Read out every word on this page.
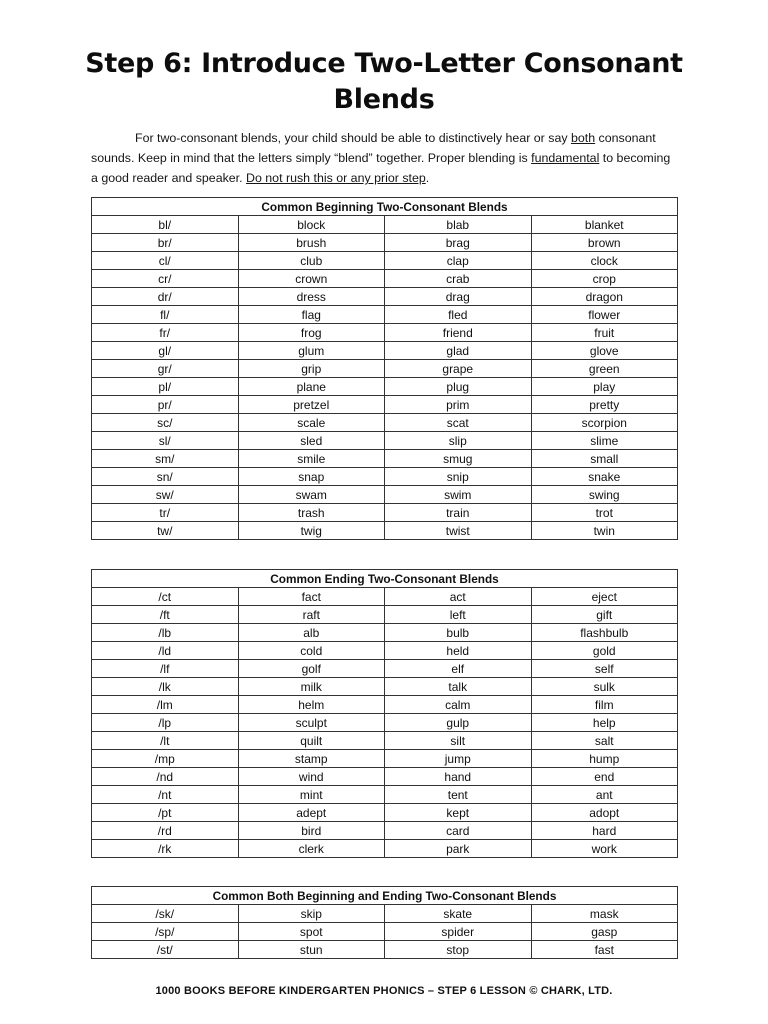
Step 6: Introduce Two-Letter Consonant Blends

For two-consonant blends, your child should be able to distinctively hear or say both consonant sounds. Keep in mind that the letters simply “blend” together. Proper blending is fundamental to becoming a good reader and speaker. Do not rush this or any prior step.

Common Beginning Two-Consonant Blends			
bl/	block	blab	blanket
br/	brush	brag	brown
cl/	club	clap	clock
cr/	crown	crab	crop
dr/	dress	drag	dragon
fl/	flag	fled	flower
fr/	frog	friend	fruit
gl/	glum	glad	glove
gr/	grip	grape	green
pl/	plane	plug	play
pr/	pretzel	prim	pretty
sc/	scale	scat	scorpion
sl/	sled	slip	slime
sm/	smile	smug	small
sn/	snap	snip	snake
sw/	swam	swim	swing
tr/	trash	train	trot
tw/	twig	twist	twin
Common Ending Two-Consonant Blends			
/ct	fact	act	eject
/ft	raft	left	gift
/lb	alb	bulb	flashbulb
/ld	cold	held	gold
/lf	golf	elf	self
/lk	milk	talk	sulk
/lm	helm	calm	film
/lp	sculpt	gulp	help
/lt	quilt	silt	salt
/mp	stamp	jump	hump
/nd	wind	hand	end
/nt	mint	tent	ant
/pt	adept	kept	adopt
/rd	bird	card	hard
/rk	clerk	park	work
Common Both Beginning and Ending Two-Consonant Blends			
/sk/	skip	skate	mask
/sp/	spot	spider	gasp
/st/	stun	stop	fast
1000 BOOKS BEFORE KINDERGARTEN PHONICS – STEP 6 LESSON © CHARK, LTD.
